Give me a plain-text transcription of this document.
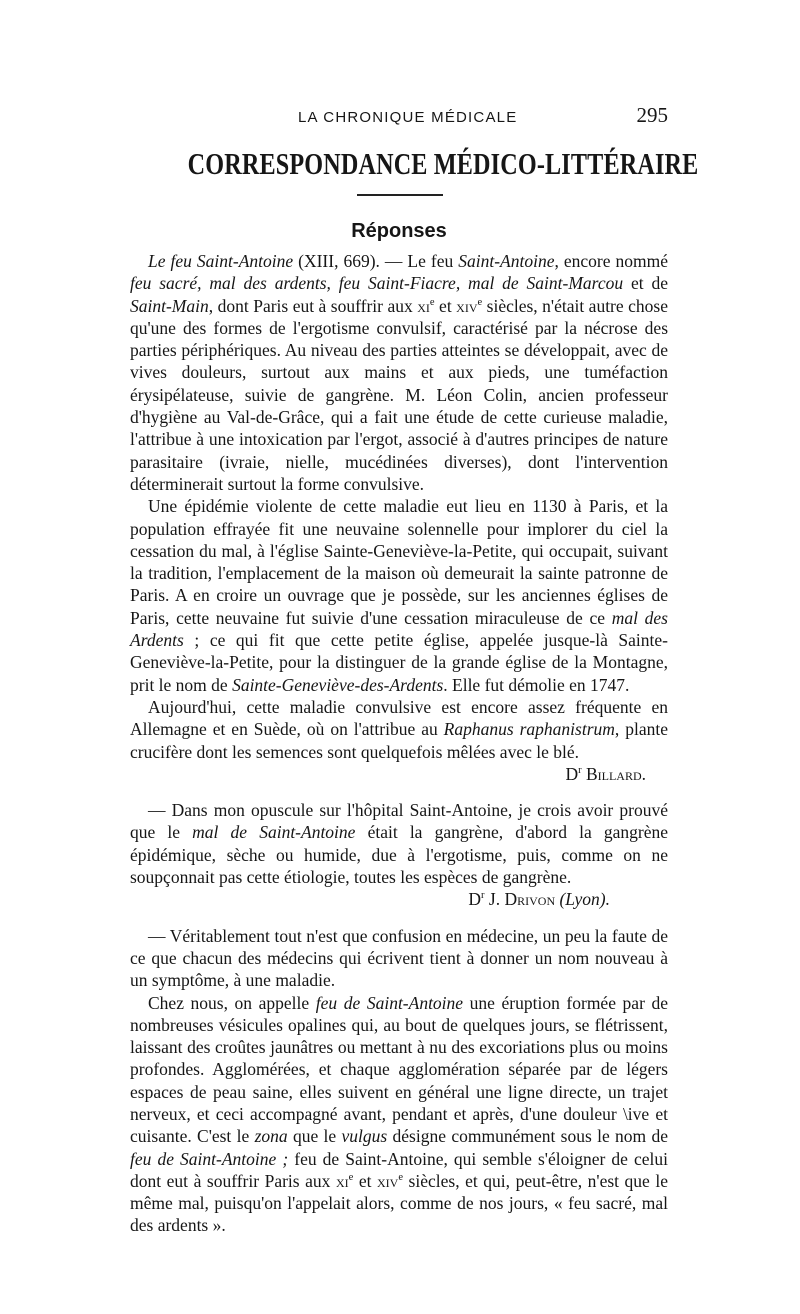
LA CHRONIQUE MÉDICALE	295
CORRESPONDANCE MÉDICO-LITTÉRAIRE
Réponses

Le feu Saint-Antoine (XIII, 669). — Le feu Saint-Antoine, encore nommé feu sacré, mal des ardents, feu Saint-Fiacre, mal de Saint-Marcou et de Saint-Main, dont Paris eut à souffrir aux $xi^e$ et xiv$^e$ siècles, n'était autre chose qu'une des formes de l'ergotisme convulsif, caractérisé par la nécrose des parties périphériques. Au niveau des parties atteintes se développait, avec de vives douleurs, surtout aux mains et aux pieds, une tuméfaction érysipélateuse, suivie de gangrène. M. Léon Colin, ancien professeur d'hygiène au Val-de-Grâce, qui a fait une étude de cette curieuse maladie, l'attribue à une intoxication par l'ergot, associé à d'autres principes de nature parasitaire (ivraie, nielle, mucédinées diverses), dont l'intervention déterminerait surtout la forme convulsive.

Une épidémie violente de cette maladie eut lieu en 1130 à Paris, et la population effrayée fit une neuvaine solennelle pour implorer du ciel la cessation du mal, à l'église Sainte-Geneviève-la-Petite, qui occupait, suivant la tradition, l'emplacement de la maison où demeurait la sainte patronne de Paris. A en croire un ouvrage que je possède, sur les anciennes églises de Paris, cette neuvaine fut suivie d'une cessation miraculeuse de ce mal des Ardents ; ce qui fit que cette petite église, appelée jusque-là Sainte-Geneviève-la-Petite, pour la distinguer de la grande église de la Montagne, prit le nom de Sainte-Geneviève-des-Ardents. Elle fut démolie en 1747.

Aujourd'hui, cette maladie convulsive est encore assez fréquente en Allemagne et en Suède, où on l'attribue au Raphanus raphanistrum, plante crucifère dont les semences sont quelquefois mêlées avec le blé.

$D^r$ Billard.

— Dans mon opuscule sur l'hôpital Saint-Antoine, je crois avoir prouvé que le mal de Saint-Antoine était la gangrène, d'abord la gangrène épidémique, sèche ou humide, due à l'ergotisme, puis, comme on ne soupçonnait pas cette étiologie, toutes les espèces de gangrène.

$D^r$ J. Drivon (Lyon).

— Véritablement tout n'est que confusion en médecine, un peu la faute de ce que chacun des médecins qui écrivent tient à donner un nom nouveau à un symptôme, à une maladie.

Chez nous, on appelle feu de Saint-Antoine une éruption formée par de nombreuses vésicules opalines qui, au bout de quelques jours, se flétrissent, laissant des croûtes jaunâtres ou mettant à nu des excoriations plus ou moins profondes. Agglomérées, et chaque agglomération séparée par de légers espaces de peau saine, elles suivent en général une ligne directe, un trajet nerveux, et ceci accompagné avant, pendant et après, d'une douleur \ive et cuisante. C'est le zona que le vulgus désigne communément sous le nom de feu de Saint-Antoine ; feu de Saint-Antoine, qui semble s'éloigner de celui dont eut à souffrir Paris aux $xi^e$ et xiv$^e$ siècles, et qui, peut-être, n'est que le même mal, puisqu'on l'appelait alors, comme de nos jours, « feu sacré, mal des ardents ».
